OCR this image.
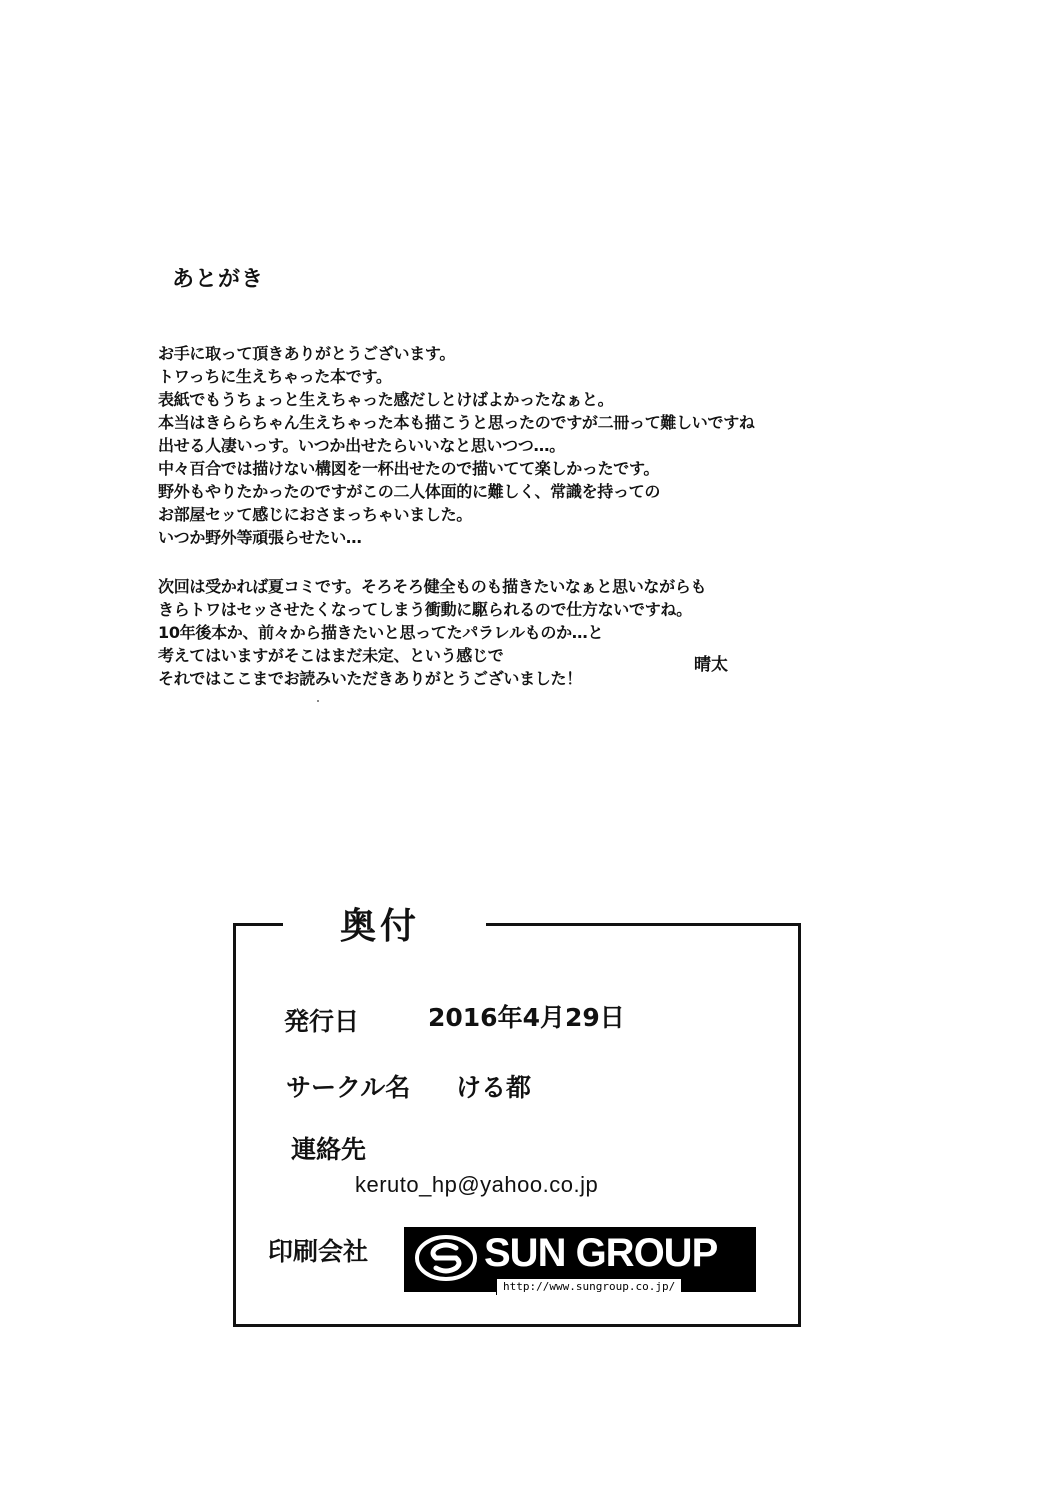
あとがき
お手に取って頂きありがとうございます。
トワっちに生えちゃった本です。
表紙でもうちょっと生えちゃった感だしとけばよかったなぁと。
本当はきららちゃん生えちゃった本も描こうと思ったのですが二冊って難しいですね
出せる人凄いっす。いつか出せたらいいなと思いつつ…。
中々百合では描けない構図を一杯出せたので描いてて楽しかったです。
野外もやりたかったのですがこの二人体面的に難しく、常識を持っての
お部屋セッて感じにおさまっちゃいました。
いつか野外等頑張らせたい…
次回は受かれば夏コミです。そろそろ健全ものも描きたいなぁと思いながらも
きらトワはセッさせたくなってしまう衝動に駆られるので仕方ないですね。
10年後本か、前々から描きたいと思ってたパラレルものか…と
考えてはいますがそこはまだ未定、という感じで
それではここまでお読みいただきありがとうございました！
晴太
奥付
発行日	2016年4月29日
サークル名 ける都
連絡先
keruto_hp@yahoo.co.jp
印刷会社	SUN GROUP
http://www.sungroup.co.jp/
